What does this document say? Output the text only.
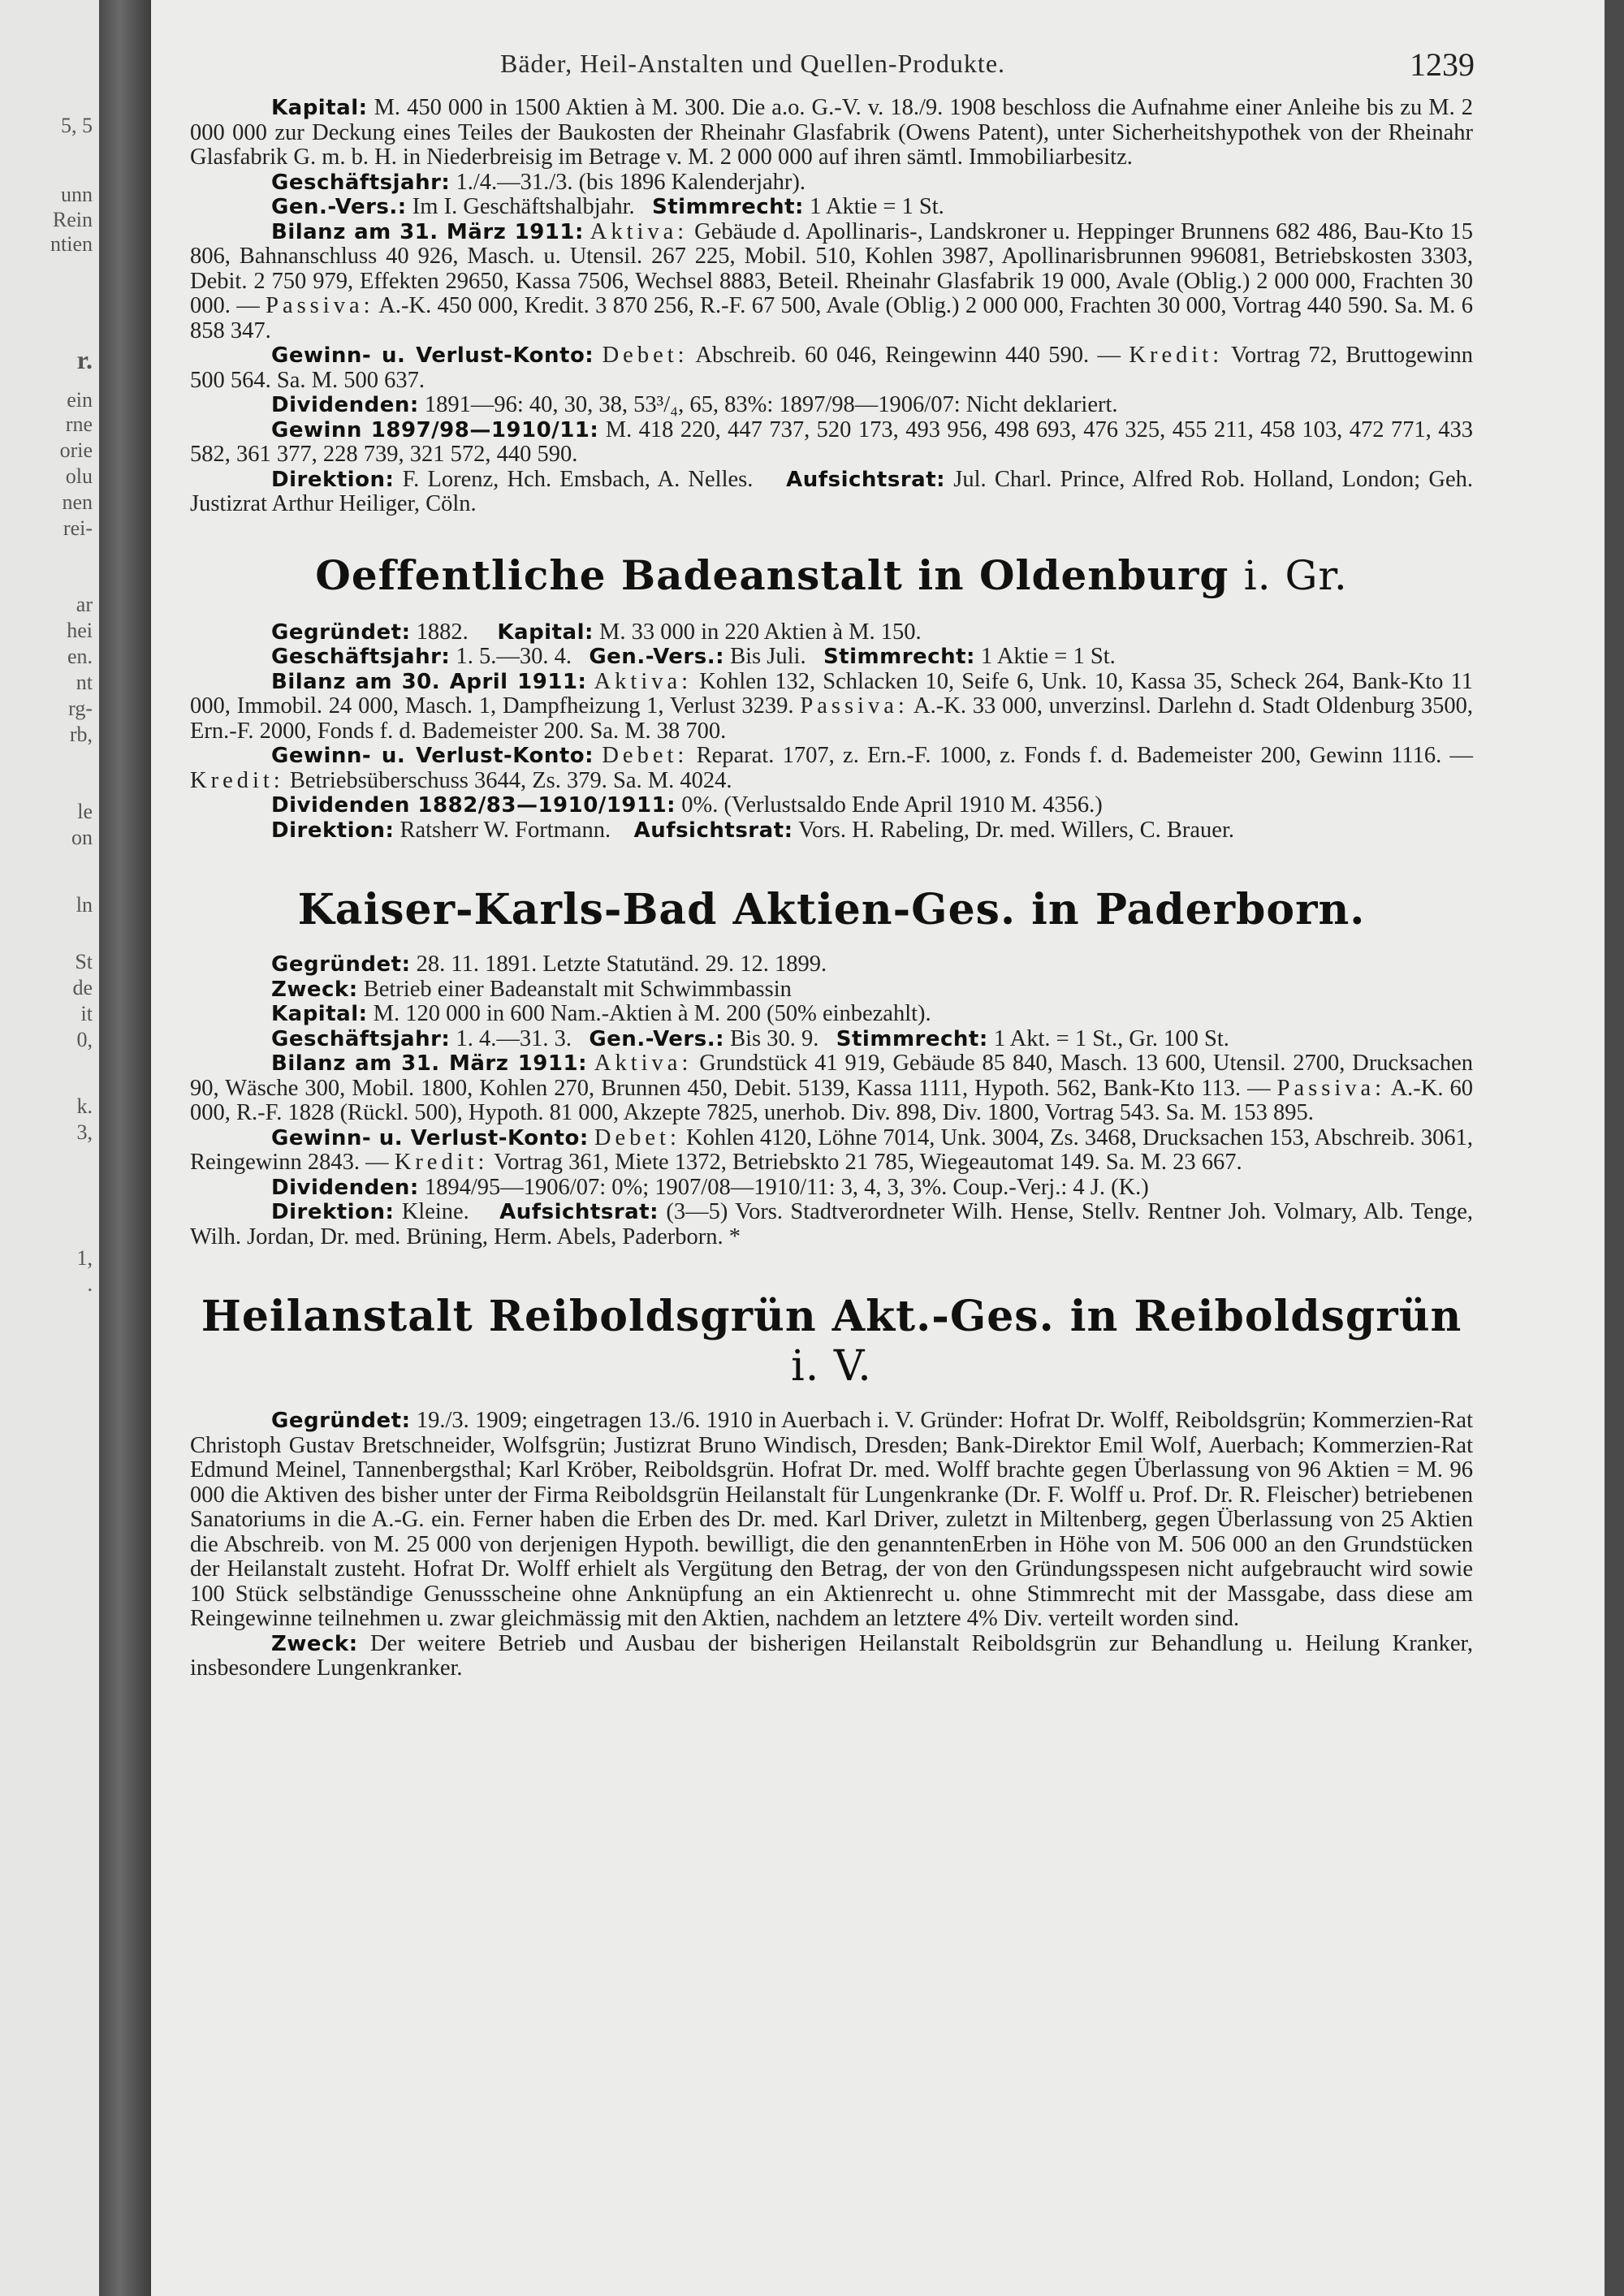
5, 5
unn
Rein
ntien
r.
ein
rne
orie
olu
nen
rei-
ar
hei
en.
nt
rg-
rb,
le
on
ln
St
de
it
0,
k.
3,
1,
.
Bäder, Heil-Anstalten und Quellen-Produkte.	1239

Kapital: M. 450 000 in 1500 Aktien à M. 300. Die a.o. G.-V. v. 18./9. 1908 beschloss die Aufnahme einer Anleihe bis zu M. 2 000 000 zur Deckung eines Teiles der Baukosten der Rheinahr Glasfabrik (Owens Patent), unter Sicherheitshypothek von der Rheinahr Glasfabrik G. m. b. H. in Niederbreisig im Betrage v. M. 2 000 000 auf ihren sämtl. Immobiliarbesitz.

Geschäftsjahr: 1./4.—31./3. (bis 1896 Kalenderjahr).

Gen.-Vers.: Im I. Geschäftshalbjahr. Stimmrecht: 1 Aktie = 1 St.

Bilanz am 31. März 1911: Aktiva: Gebäude d. Apollinaris-, Landskroner u. Heppinger Brunnens 682 486, Bau-Kto 15 806, Bahnanschluss 40 926, Masch. u. Utensil. 267 225, Mobil. 510, Kohlen 3987, Apollinarisbrunnen 996081, Betriebskosten 3303, Debit. 2 750 979, Effekten 29650, Kassa 7506, Wechsel 8883, Beteil. Rheinahr Glasfabrik 19 000, Avale (Oblig.) 2 000 000, Frachten 30 000. — Passiva: A.-K. 450 000, Kredit. 3 870 256, R.-F. 67 500, Avale (Oblig.) 2 000 000, Frachten 30 000, Vortrag 440 590. Sa. M. 6 858 347.

Gewinn- u. Verlust-Konto: Debet: Abschreib. 60 046, Reingewinn 440 590. — Kredit: Vortrag 72, Bruttogewinn 500 564. Sa. M. 500 637.

Dividenden: 1891—96: 40, 30, 38, 53³/₄, 65, 83%: 1897/98—1906/07: Nicht deklariert.

Gewinn 1897/98—1910/11: M. 418 220, 447 737, 520 173, 493 956, 498 693, 476 325, 455 211, 458 103, 472 771, 433 582, 361 377, 228 739, 321 572, 440 590.

Direktion: F. Lorenz, Hch. Emsbach, A. Nelles. Aufsichtsrat: Jul. Charl. Prince, Alfred Rob. Holland, London; Geh. Justizrat Arthur Heiliger, Cöln.

Oeffentliche Badeanstalt in Oldenburg i. Gr.

Gegründet: 1882. Kapital: M. 33 000 in 220 Aktien à M. 150.

Geschäftsjahr: 1. 5.—30. 4. Gen.-Vers.: Bis Juli. Stimmrecht: 1 Aktie = 1 St.

Bilanz am 30. April 1911: Aktiva: Kohlen 132, Schlacken 10, Seife 6, Unk. 10, Kassa 35, Scheck 264, Bank-Kto 11 000, Immobil. 24 000, Masch. 1, Dampfheizung 1, Verlust 3239. Passiva: A.-K. 33 000, unverzinsl. Darlehn d. Stadt Oldenburg 3500, Ern.-F. 2000, Fonds f. d. Bademeister 200. Sa. M. 38 700.

Gewinn- u. Verlust-Konto: Debet: Reparat. 1707, z. Ern.-F. 1000, z. Fonds f. d. Bademeister 200, Gewinn 1116. — Kredit: Betriebsüberschuss 3644, Zs. 379. Sa. M. 4024.

Dividenden 1882/83—1910/1911: 0%. (Verlustsaldo Ende April 1910 M. 4356.)

Direktion: Ratsherr W. Fortmann. Aufsichtsrat: Vors. H. Rabeling, Dr. med. Willers, C. Brauer.

Kaiser-Karls-Bad Aktien-Ges. in Paderborn.

Gegründet: 28. 11. 1891. Letzte Statutänd. 29. 12. 1899.

Zweck: Betrieb einer Badeanstalt mit Schwimmbassin

Kapital: M. 120 000 in 600 Nam.-Aktien à M. 200 (50% einbezahlt).

Geschäftsjahr: 1. 4.—31. 3. Gen.-Vers.: Bis 30. 9. Stimmrecht: 1 Akt. = 1 St., Gr. 100 St.

Bilanz am 31. März 1911: Aktiva: Grundstück 41 919, Gebäude 85 840, Masch. 13 600, Utensil. 2700, Drucksachen 90, Wäsche 300, Mobil. 1800, Kohlen 270, Brunnen 450, Debit. 5139, Kassa 1111, Hypoth. 562, Bank-Kto 113. — Passiva: A.-K. 60 000, R.-F. 1828 (Rückl. 500), Hypoth. 81 000, Akzepte 7825, unerhob. Div. 898, Div. 1800, Vortrag 543. Sa. M. 153 895.

Gewinn- u. Verlust-Konto: Debet: Kohlen 4120, Löhne 7014, Unk. 3004, Zs. 3468, Drucksachen 153, Abschreib. 3061, Reingewinn 2843. — Kredit: Vortrag 361, Miete 1372, Betriebskto 21 785, Wiegeautomat 149. Sa. M. 23 667.

Dividenden: 1894/95—1906/07: 0%; 1907/08—1910/11: 3, 4, 3, 3%. Coup.-Verj.: 4 J. (K.)

Direktion: Kleine. Aufsichtsrat: (3—5) Vors. Stadtverordneter Wilh. Hense, Stellv. Rentner Joh. Volmary, Alb. Tenge, Wilh. Jordan, Dr. med. Brüning, Herm. Abels, Paderborn. *

Heilanstalt Reiboldsgrün Akt.-Ges. in Reiboldsgrün i. V.

Gegründet: 19./3. 1909; eingetragen 13./6. 1910 in Auerbach i. V. Gründer: Hofrat Dr. Wolff, Reiboldsgrün; Kommerzien-Rat Christoph Gustav Bretschneider, Wolfsgrün; Justizrat Bruno Windisch, Dresden; Bank-Direktor Emil Wolf, Auerbach; Kommerzien-Rat Edmund Meinel, Tannenbergsthal; Karl Kröber, Reiboldsgrün. Hofrat Dr. med. Wolff brachte gegen Überlassung von 96 Aktien = M. 96 000 die Aktiven des bisher unter der Firma Reiboldsgrün Heilanstalt für Lungenkranke (Dr. F. Wolff u. Prof. Dr. R. Fleischer) betriebenen Sanatoriums in die A.-G. ein. Ferner haben die Erben des Dr. med. Karl Driver, zuletzt in Miltenberg, gegen Überlassung von 25 Aktien die Abschreib. von M. 25 000 von derjenigen Hypoth. bewilligt, die den genanntenErben in Höhe von M. 506 000 an den Grundstücken der Heilanstalt zusteht. Hofrat Dr. Wolff erhielt als Vergütung den Betrag, der von den Gründungsspesen nicht aufgebraucht wird sowie 100 Stück selbständige Genussscheine ohne Anknüpfung an ein Aktienrecht u. ohne Stimmrecht mit der Massgabe, dass diese am Reingewinne teilnehmen u. zwar gleichmässig mit den Aktien, nachdem an letztere 4% Div. verteilt worden sind.

Zweck: Der weitere Betrieb und Ausbau der bisherigen Heilanstalt Reiboldsgrün zur Behandlung u. Heilung Kranker, insbesondere Lungenkranker.
